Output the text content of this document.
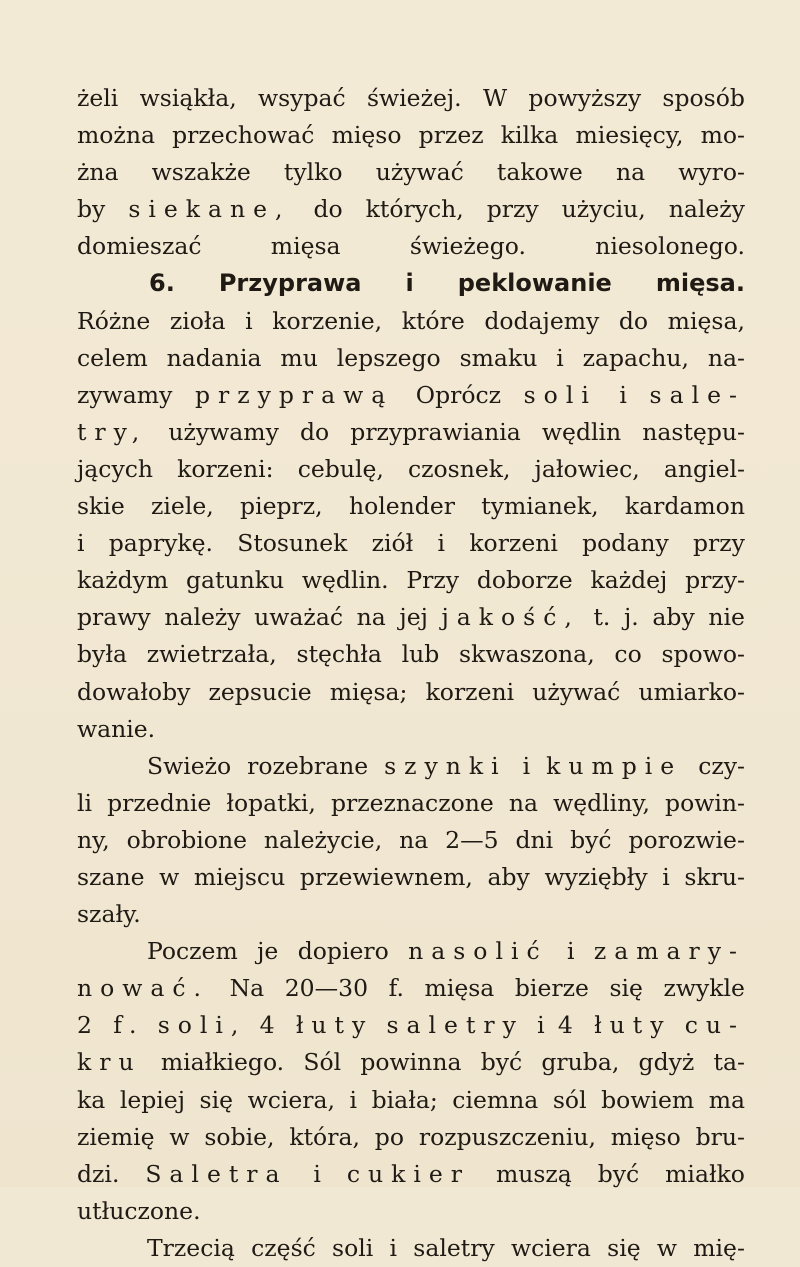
żeli wsiąkła, wsypać świeżej. W powyższy sposób
można przechować mięso przez kilka miesięcy, mo-
żna wszakże tylko używać takowe na wyro-
by siekane, do których, przy użyciu, należy
domieszać	mięsa	świeżego.	niesolonego.
6. Przyprawa i peklowanie mięsa.
Różne zioła i korzenie, które dodajemy do mięsa,
celem nadania mu lepszego smaku i zapachu, na-
zywamy przyprawą Oprócz soli i sale-
try, używamy do przyprawiania wędlin następu-
jących korzeni: cebulę, czosnek, jałowiec, angiel-
skie ziele, pieprz, holender tymianek, kardamon
i paprykę. Stosunek ziół i korzeni podany przy
każdym gatunku wędlin. Przy doborze każdej przy-
prawy należy uważać na jej jakość, t. j. aby nie
była zwietrzała, stęchła lub skwaszona, co spowo-
dowałoby zepsucie mięsa; korzeni używać umiarko-
wanie.
Swieżo rozebrane szynki i kumpie czy-
li przednie łopatki, przeznaczone na wędliny, powin-
ny, obrobione należycie, na 2—5 dni być porozwie-
szane w miejscu przewiewnem, aby wyziębły i skru-
szały.
Poczem je dopiero nasolić i zamary-
nować. Na 20—30 f. mięsa bierze się zwykle
2 f. soli, 4 łuty saletry i 4 łuty cu-
kru miałkiego. Sól powinna być gruba, gdyż ta-
ka lepiej się wciera, i biała; ciemna sól bowiem ma
ziemię w sobie, która, po rozpuszczeniu, mięso bru-
dzi. Saletra i cukier muszą być miałko
utłuczone.
Trzecią część soli i saletry wciera się w mię-
